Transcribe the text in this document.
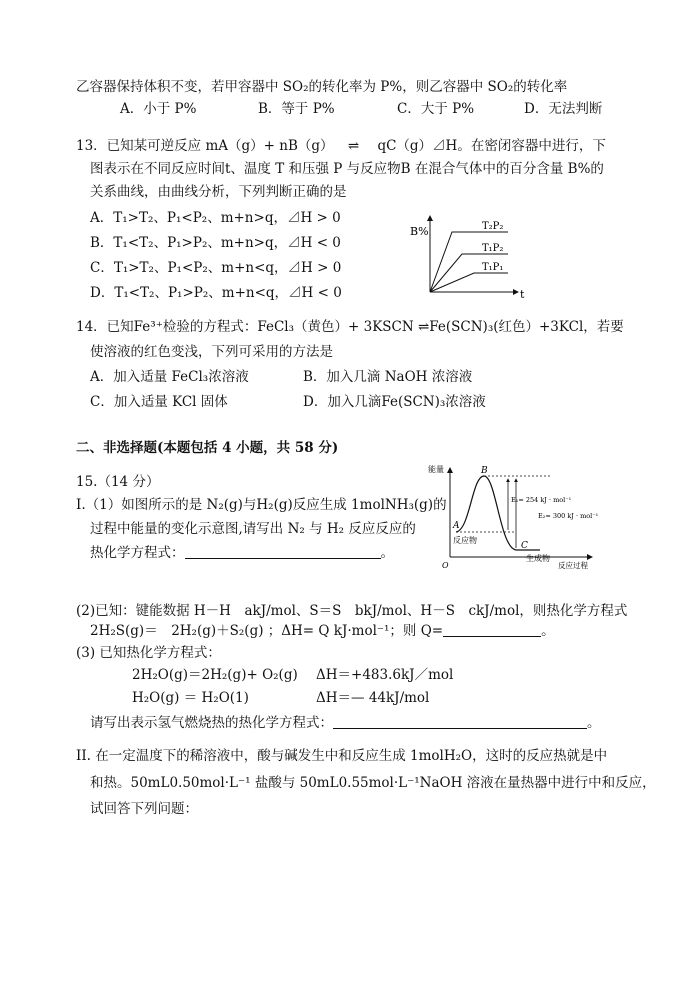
乙容器保持体积不变，若甲容器中 SO₂的转化率为 P%，则乙容器中 SO₂的转化率
A．小于 P%	B．等于 P%	C．大于 P%	D．无法判断
13．已知某可逆反应 mA（g）+ nB（g） ⇌ qC（g）⊿H。在密闭容器中进行，下
图表示在不同反应时间t、温度 T 和压强 P 与反应物B 在混合气体中的百分含量 B%的
关系曲线，由曲线分析，下列判断正确的是
A．T₁>T₂、P₁<P₂、m+n>q，⊿H > 0
B．T₁<T₂、P₁>P₂、m+n>q，⊿H < 0
C．T₁>T₂、P₁<P₂、m+n<q，⊿H > 0
D．T₁<T₂、P₁>P₂、m+n<q，⊿H < 0
B%
t
T₂P₂
T₁P₂
T₁P₁
14．已知Fe³⁺检验的方程式：FeCl₃（黄色）+ 3KSCN ⇌Fe(SCN)₃(红色）+3KCl，若要
使溶液的红色变浅，下列可采用的方法是
A．加入适量 FeCl₃浓溶液	B．加入几滴 NaOH 浓溶液
C．加入适量 KCl 固体	D．加入几滴Fe(SCN)₃浓溶液
二、非选择题(本题包括 4 小题，共 58 分)
15.（14 分）
I.（1）如图所示的是 N₂(g)与H₂(g)反应生成 1molNH₃(g)的
过程中能量的变化示意图,请写出 N₂ 与 H₂ 反应反应的
热化学方程式：	。
能量	B
A
C
E₁= 254 kJ · mol⁻¹
E₂= 300 kJ · mol⁻¹
反应物
生成物
O	反应过程
(2)已知：键能数据 H－H　akJ/mol、S＝S　bkJ/mol、H－S　ckJ/mol，则热化学方程式
2H₂S(g)＝　2H₂(g)＋S₂(g) ；ΔH= Q kJ·mol⁻¹；则 Q=	。
(3) 已知热化学方程式：
2H₂O(g)＝2H₂(g)+ O₂(g) ΔH＝+483.6kJ／mol
H₂O(g) ＝ H₂O(1)	ΔH＝— 44kJ/mol
请写出表示氢气燃烧热的热化学方程式：	。
II. 在一定温度下的稀溶液中，酸与碱发生中和反应生成 1molH₂O，这时的反应热就是中
和热。50mL0.50mol·L⁻¹ 盐酸与 50mL0.55mol·L⁻¹NaOH 溶液在量热器中进行中和反应，
试回答下列问题：
